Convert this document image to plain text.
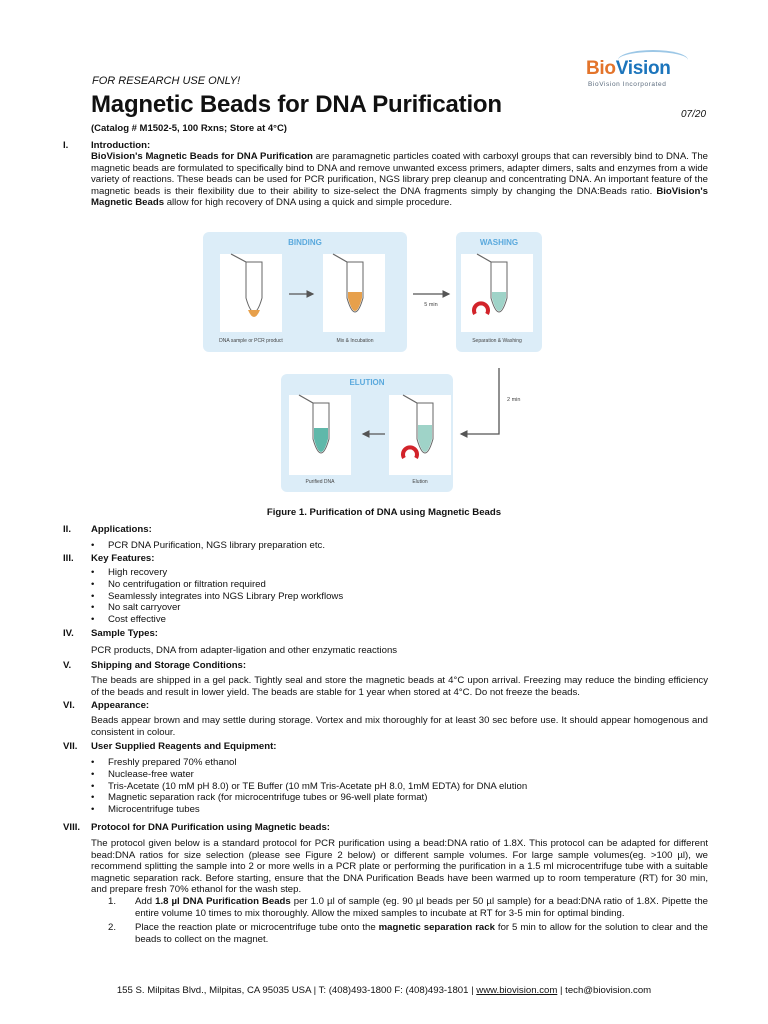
FOR RESEARCH USE ONLY!
BioVision
BioVision Incorporated
Magnetic Beads for DNA Purification	07/20
(Catalog # M1502-5, 100 Rxns; Store at 4°C)
I. Introduction:
BioVision's Magnetic Beads for DNA Purification are paramagnetic particles coated with carboxyl groups that can reversibly bind to DNA. The magnetic beads are formulated to specifically bind to DNA and remove unwanted excess primers, adapter dimers, salts and enzymes from a wide variety of reactions. These beads can be used for PCR purification, NGS library prep cleanup and concentrating DNA. An important feature of the magnetic beads is their flexibility due to their ability to size-select the DNA fragments simply by changing the DNA:Beads ratio. BioVision's Magnetic Beads allow for high recovery of DNA using a quick and simple procedure.
BINDING	WASHING
ELUTION
5 min
2 min
DNA sample or PCR product	Mix & Incubation	Separation & Washing
Purified DNA	Elution
Figure 1. Purification of DNA using Magnetic Beads
II. Applications:
• PCR DNA Purification, NGS library preparation etc.
III. Key Features:
• High recovery
• No centrifugation or filtration required
• Seamlessly integrates into NGS Library Prep workflows
• No salt carryover
• Cost effective
IV. Sample Types:
PCR products, DNA from adapter-ligation and other enzymatic reactions
V. Shipping and Storage Conditions:
The beads are shipped in a gel pack. Tightly seal and store the magnetic beads at 4°C upon arrival. Freezing may reduce the binding efficiency of the beads and result in lower yield. The beads are stable for 1 year when stored at 4°C. Do not freeze the beads.
VI. Appearance:
Beads appear brown and may settle during storage. Vortex and mix thoroughly for at least 30 sec before use. It should appear homogenous and consistent in colour.
VII. User Supplied Reagents and Equipment:
• Freshly prepared 70% ethanol
• Nuclease-free water
• Tris-Acetate (10 mM pH 8.0) or TE Buffer (10 mM Tris-Acetate pH 8.0, 1mM EDTA) for DNA elution
• Magnetic separation rack (for microcentrifuge tubes or 96-well plate format)
• Microcentrifuge tubes
VIII. Protocol for DNA Purification using Magnetic beads:
The protocol given below is a standard protocol for PCR purification using a bead:DNA ratio of 1.8X. This protocol can be adapted for different bead:DNA ratios for size selection (please see Figure 2 below) or different sample volumes. For large sample volumes(eg. >100 µl), we recommend splitting the sample into 2 or more wells in a PCR plate or performing the purification in a 1.5 ml microcentrifuge tube with a suitable magnetic separation rack. Before starting, ensure that the DNA Purification Beads have been warmed up to room temperature (RT) for 30 min, and prepare fresh 70% ethanol for the wash step.
1. Add 1.8 µl DNA Purification Beads per 1.0 µl of sample (eg. 90 µl beads per 50 µl sample) for a bead:DNA ratio of 1.8X. Pipette the entire volume 10 times to mix thoroughly. Allow the mixed samples to incubate at RT for 3-5 min for optimal binding.
2. Place the reaction plate or microcentrifuge tube onto the magnetic separation rack for 5 min to allow for the solution to clear and the beads to collect on the magnet.
155 S. Milpitas Blvd., Milpitas, CA 95035 USA | T: (408)493-1800 F: (408)493-1801 | www.biovision.com | tech@biovision.com
